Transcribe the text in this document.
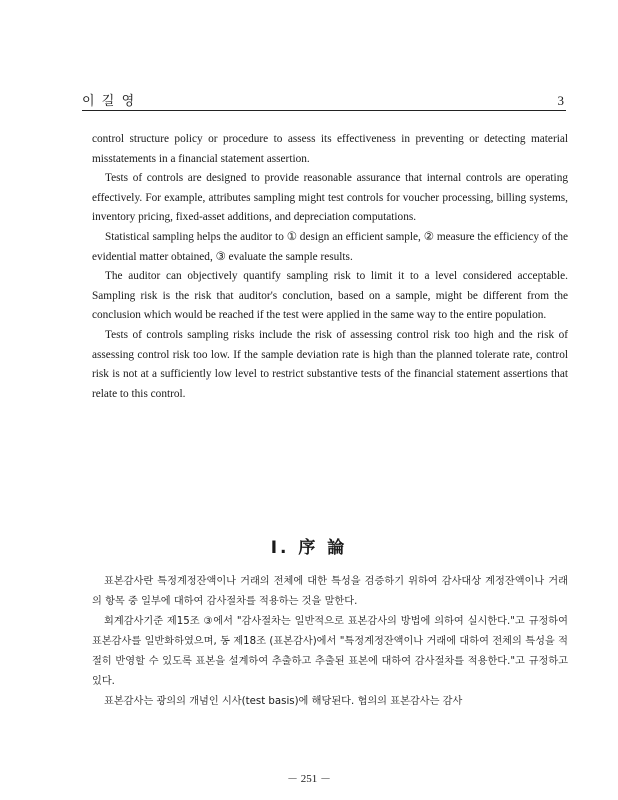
이 길 영	3

control structure policy or procedure to assess its effectiveness in preventing or detecting material misstatements in a financial statement assertion.

Tests of controls are designed to provide reasonable assurance that internal controls are operating effectively. For example, attributes sampling might test controls for voucher processing, billing systems, inventory pricing, fixed-asset additions, and depreciation computations.

Statistical sampling helps the auditor to ① design an efficient sample, ② measure the efficiency of the evidential matter obtained, ③ evaluate the sample results.

The auditor can objectively quantify sampling risk to limit it to a level considered acceptable. Sampling risk is the risk that auditor's conclution, based on a sample, might be different from the conclusion which would be reached if the test were applied in the same way to the entire population.

Tests of controls sampling risks include the risk of assessing control risk too high and the risk of assessing control risk too low. If the sample deviation rate is high than the planned tolerate rate, control risk is not at a sufficiently low level to restrict substantive tests of the financial statement assertions that relate to this control.

Ⅰ. 序 論

표본감사란 특정계정잔액이나 거래의 전체에 대한 특성을 검증하기 위하여 감사대상 계정잔액이나 거래의 항목 중 일부에 대하여 감사절차를 적용하는 것을 말한다.

회계감사기준 제15조 ③에서 "감사절차는 일반적으로 표본감사의 방법에 의하여 실시한다."고 규정하여 표본감사를 일반화하였으며, 동 제18조 (표본감사)에서 "특정계정잔액이나 거래에 대하여 전체의 특성을 적절히 반영할 수 있도록 표본을 설계하여 추출하고 추출된 표본에 대하여 감사절차를 적용한다."고 규정하고 있다.

표본감사는 광의의 개념인 시사(test basis)에 해당된다. 협의의 표본감사는 감사

－ 251 －
